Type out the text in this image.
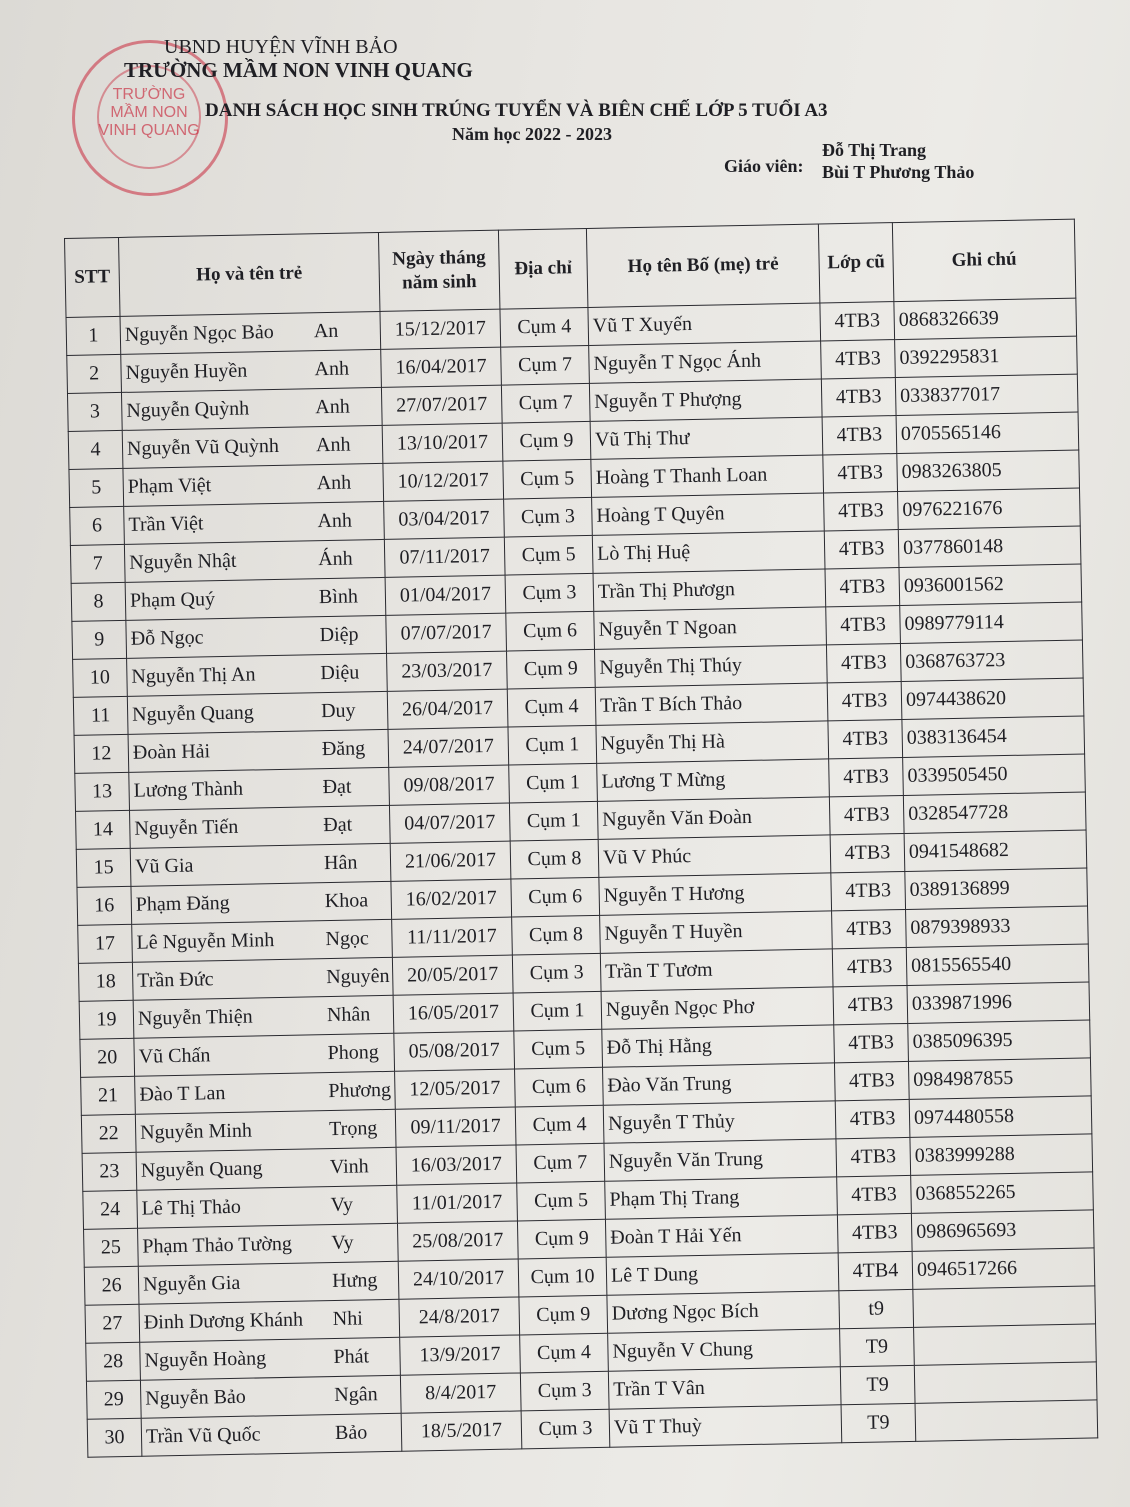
TRƯỜNG MẦM NON VINH QUANG
UBND HUYỆN VĨNH BẢO
TRƯỜNG MẦM NON VINH QUANG
DANH SÁCH HỌC SINH TRÚNG TUYỂN VÀ BIÊN CHẾ LỚP 5 TUỔI A3
Năm học 2022 - 2023
Giáo viên:
Đỗ Thị Trang
Bùi T Phương Thảo
STT	Họ và tên trẻ	Ngày tháng năm sinh	Địa chỉ	Họ tên Bố (mẹ) trẻ	Lớp cũ	Ghi chú
1	Nguyễn Ngọc Bảo An	15/12/2017	Cụm 4	Vũ T Xuyến	4TB3	0868326639
2	Nguyễn Huyền Anh	16/04/2017	Cụm 7	Nguyễn T Ngọc Ánh	4TB3	0392295831
3	Nguyễn Quỳnh Anh	27/07/2017	Cụm 7	Nguyễn T Phượng	4TB3	0338377017
4	Nguyễn Vũ Quỳnh Anh	13/10/2017	Cụm 9	Vũ Thị Thư	4TB3	0705565146
5	Phạm Việt Anh	10/12/2017	Cụm 5	Hoàng T Thanh Loan	4TB3	0983263805
6	Trần Việt Anh	03/04/2017	Cụm 3	Hoàng T Quyên	4TB3	0976221676
7	Nguyễn Nhật Ánh	07/11/2017	Cụm 5	Lò Thị Huệ	4TB3	0377860148
8	Phạm Quý Bình	01/04/2017	Cụm 3	Trần Thị Phươgn	4TB3	0936001562
9	Đỗ Ngọc Diệp	07/07/2017	Cụm 6	Nguyễn T Ngoan	4TB3	0989779114
10	Nguyễn Thị An Diệu	23/03/2017	Cụm 9	Nguyễn Thị Thúy	4TB3	0368763723
11	Nguyễn Quang Duy	26/04/2017	Cụm 4	Trần T Bích Thảo	4TB3	0974438620
12	Đoàn Hải Đăng	24/07/2017	Cụm 1	Nguyễn Thị Hà	4TB3	0383136454
13	Lương Thành Đạt	09/08/2017	Cụm 1	Lương T Mừng	4TB3	0339505450
14	Nguyễn Tiến Đạt	04/07/2017	Cụm 1	Nguyễn Văn Đoàn	4TB3	0328547728
15	Vũ Gia Hân	21/06/2017	Cụm 8	Vũ V Phúc	4TB3	0941548682
16	Phạm Đăng Khoa	16/02/2017	Cụm 6	Nguyễn T Hương	4TB3	0389136899
17	Lê Nguyễn Minh Ngọc	11/11/2017	Cụm 8	Nguyễn T Huyền	4TB3	0879398933
18	Trần Đức Nguyên	20/05/2017	Cụm 3	Trần T Tươm	4TB3	0815565540
19	Nguyễn Thiện Nhân	16/05/2017	Cụm 1	Nguyễn Ngọc Phơ	4TB3	0339871996
20	Vũ Chấn Phong	05/08/2017	Cụm 5	Đỗ Thị Hằng	4TB3	0385096395
21	Đào T Lan Phương	12/05/2017	Cụm 6	Đào Văn Trung	4TB3	0984987855
22	Nguyễn Minh Trọng	09/11/2017	Cụm 4	Nguyễn T Thủy	4TB3	0974480558
23	Nguyễn Quang Vinh	16/03/2017	Cụm 7	Nguyễn Văn Trung	4TB3	0383999288
24	Lê Thị Thảo Vy	11/01/2017	Cụm 5	Phạm Thị Trang	4TB3	0368552265
25	Phạm Thảo Tường Vy	25/08/2017	Cụm 9	Đoàn T Hải Yến	4TB3	0986965693
26	Nguyễn Gia Hưng	24/10/2017	Cụm 10	Lê T Dung	4TB4	0946517266
27	Đinh Dương Khánh Nhi	24/8/2017	Cụm 9	Dương Ngọc Bích	t9	
28	Nguyễn Hoàng Phát	13/9/2017	Cụm 4	Nguyễn V Chung	T9	
29	Nguyễn Bảo Ngân	8/4/2017	Cụm 3	Trần T Vân	T9	
30	Trần Vũ Quốc Bảo	18/5/2017	Cụm 3	Vũ T Thuỳ	T9	
